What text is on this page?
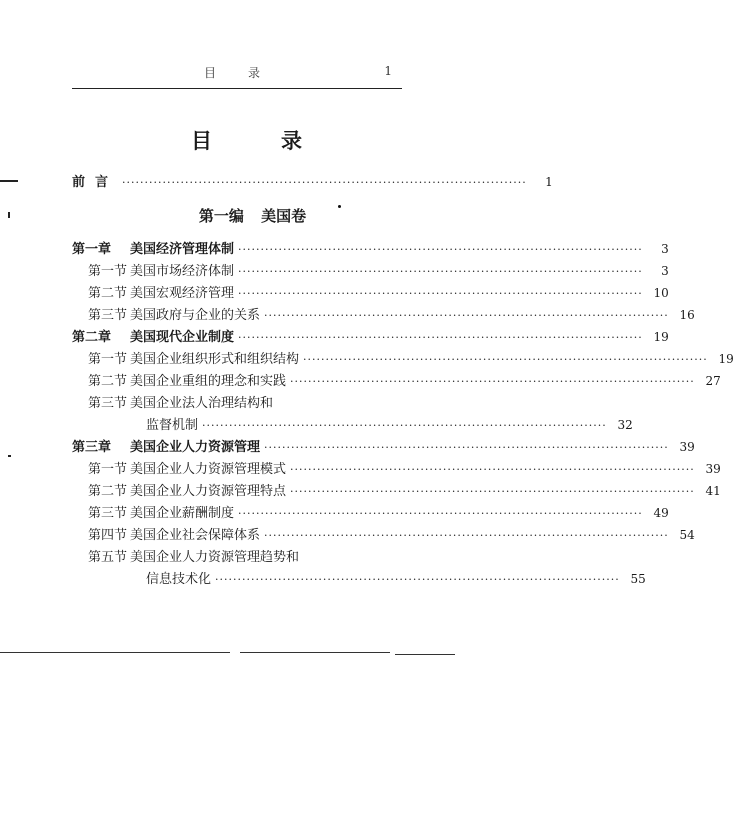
目　录	1
目　录
前言 ··························································································	1
第一编 美国卷
第一章	美国经济管理体制 ··························································································	3
第一节 美国市场经济体制 ··························································································	3
第二节 美国宏观经济管理 ·························································································· 10
第三节 美国政府与企业的关系 ·························································································· 16
第二章	美国现代企业制度 ·························································································· 19
第一节 美国企业组织形式和组织结构 ·························································································· 19
第二节 美国企业重组的理念和实践 ·························································································· 27
第三节 美国企业法人治理结构和
监督机制 ·························································································· 32
第三章	美国企业人力资源管理 ·························································································· 39
第一节 美国企业人力资源管理模式 ·························································································· 39
第二节 美国企业人力资源管理特点 ·························································································· 41
第三节 美国企业薪酬制度 ·························································································· 49
第四节 美国企业社会保障体系 ·························································································· 54
第五节 美国企业人力资源管理趋势和
信息技术化 ·························································································· 55
